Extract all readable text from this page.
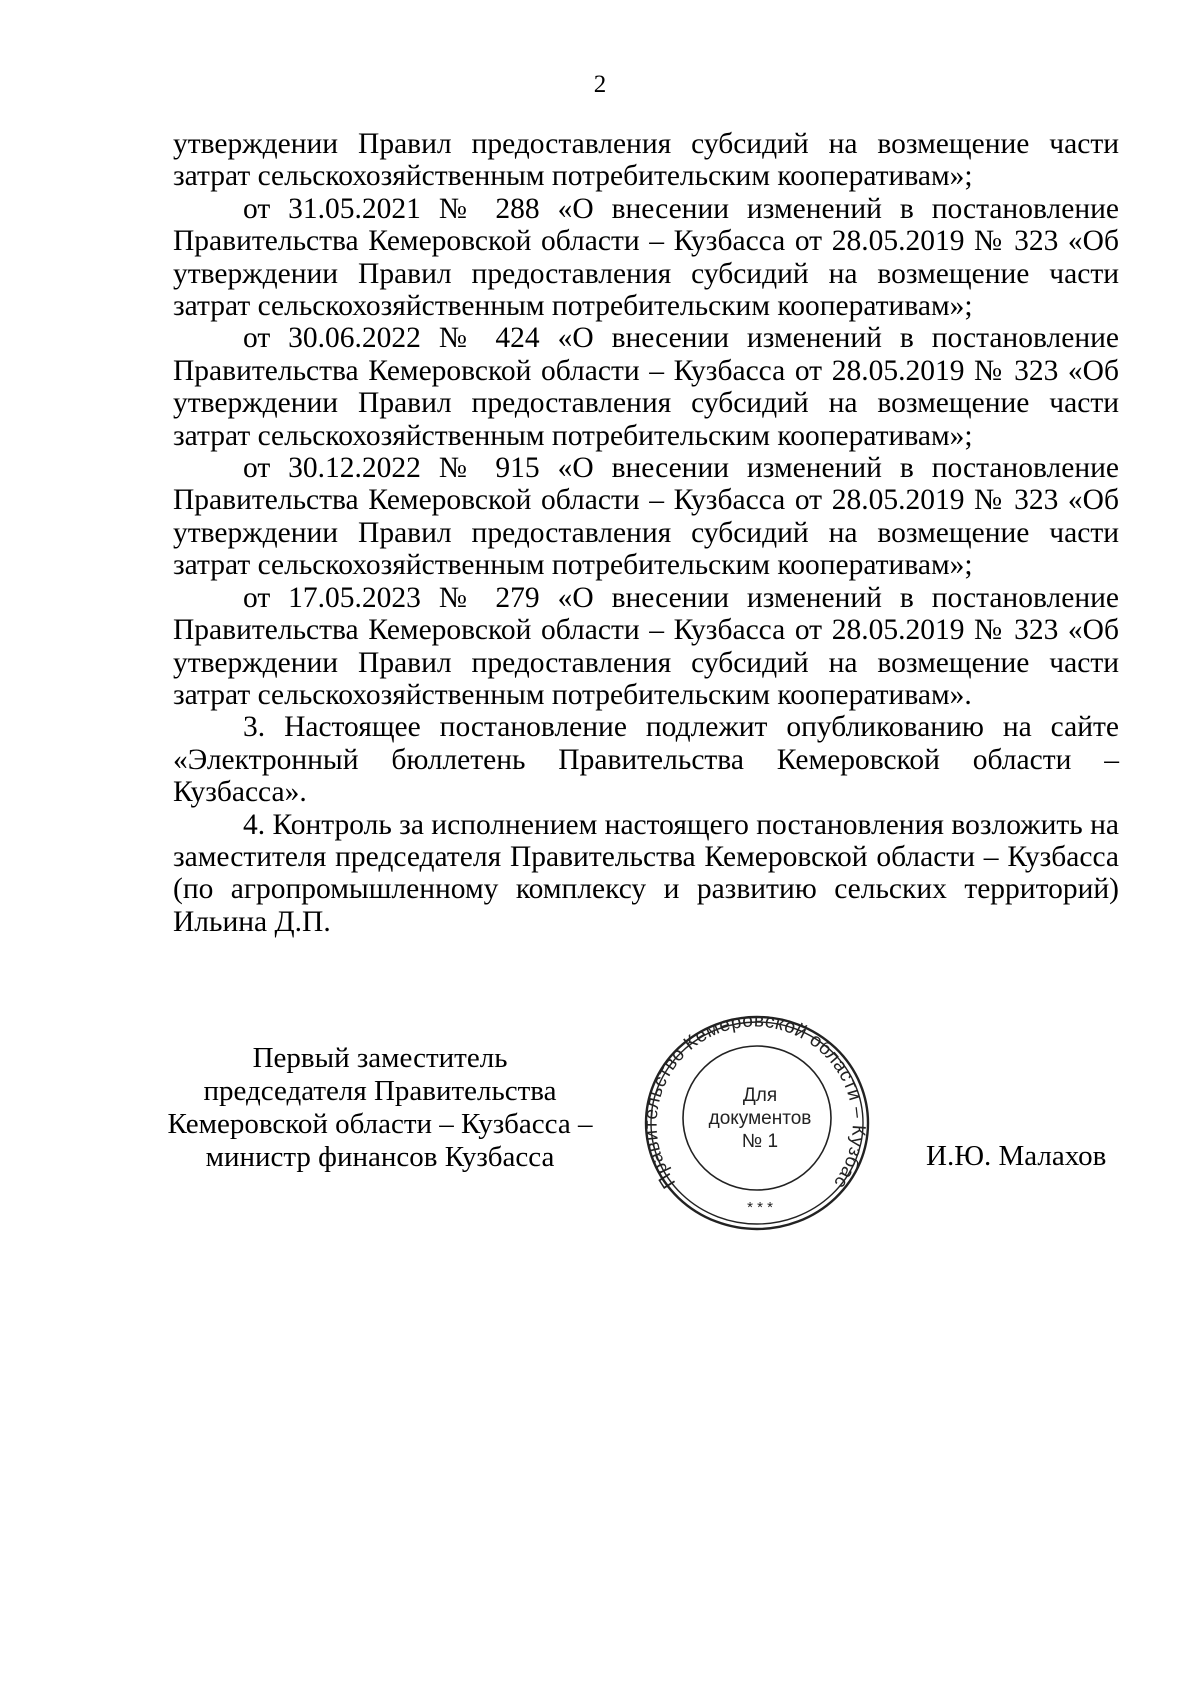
2

утверждении Правил предоставления субсидий на возмещение части затрат сельскохозяйственным потребительским кооперативам»;

от 31.05.2021 № 288 «О внесении изменений в постановление Правительства Кемеровской области – Кузбасса от 28.05.2019 № 323 «Об утверждении Правил предоставления субсидий на возмещение части затрат сельскохозяйственным потребительским кооперативам»;

от 30.06.2022 № 424 «О внесении изменений в постановление Правительства Кемеровской области – Кузбасса от 28.05.2019 № 323 «Об утверждении Правил предоставления субсидий на возмещение части затрат сельскохозяйственным потребительским кооперативам»;

от 30.12.2022 № 915 «О внесении изменений в постановление Правительства Кемеровской области – Кузбасса от 28.05.2019 № 323 «Об утверждении Правил предоставления субсидий на возмещение части затрат сельскохозяйственным потребительским кооперативам»;

от 17.05.2023 № 279 «О внесении изменений в постановление Правительства Кемеровской области – Кузбасса от 28.05.2019 № 323 «Об утверждении Правил предоставления субсидий на возмещение части затрат сельскохозяйственным потребительским кооперативам».

3. Настоящее постановление подлежит опубликованию на сайте «Электронный бюллетень Правительства Кемеровской области – Кузбасса».

4. Контроль за исполнением настоящего постановления возложить на заместителя председателя Правительства Кемеровской области – Кузбасса (по агропромышленному комплексу и развитию сельских территорий) Ильина Д.П.

Первый заместитель
председателя Правительства
Кемеровской области – Кузбасса –
министр финансов Кузбасса
Правительство Кемеровской области – Кузбас
Для
документов
№ 1
* * *
И.Ю. Малахов
